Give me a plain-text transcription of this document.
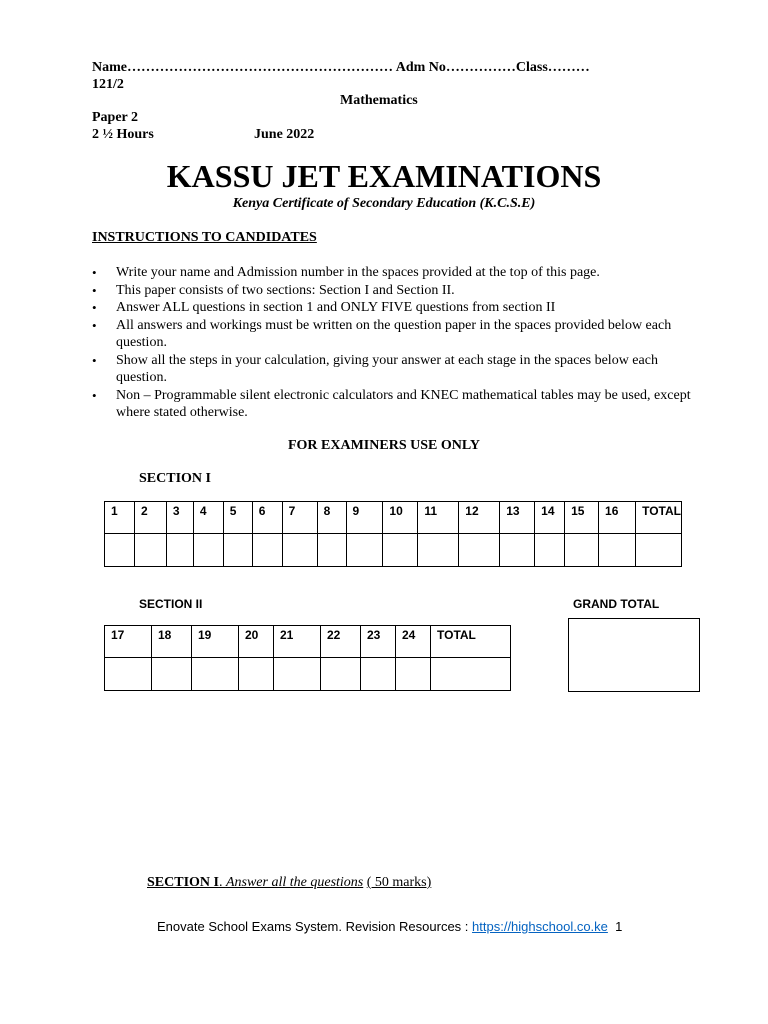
Name………………………………………………… Adm No……………Class………
121/2
Mathematics
Paper 2
2 ½ Hours	June 2022
KASSU JET EXAMINATIONS
Kenya Certificate of Secondary Education (K.C.S.E)
INSTRUCTIONS TO CANDIDATES
• Write your name and Admission number in the spaces provided at the top of this page.
• This paper consists of two sections: Section I and Section II.
• Answer ALL questions in section 1 and ONLY FIVE questions from section II
• All answers and workings must be written on the question paper in the spaces provided below each question.
• Show all the steps in your calculation, giving your answer at each stage in the spaces below each question.
• Non – Programmable silent electronic calculators and KNEC mathematical tables may be used, except where stated otherwise.
FOR EXAMINERS USE ONLY
SECTION I
1	2	3	4	5	6	7	8	9	10	11	12	13	14	15	16	TOTAL

SECTION II	GRAND TOTAL
17	18	19	20	21	22	23	24	TOTAL

SECTION I. Answer all the questions ( 50 marks)
Enovate School Exams System. Revision Resources : https://highschool.co.ke 1
